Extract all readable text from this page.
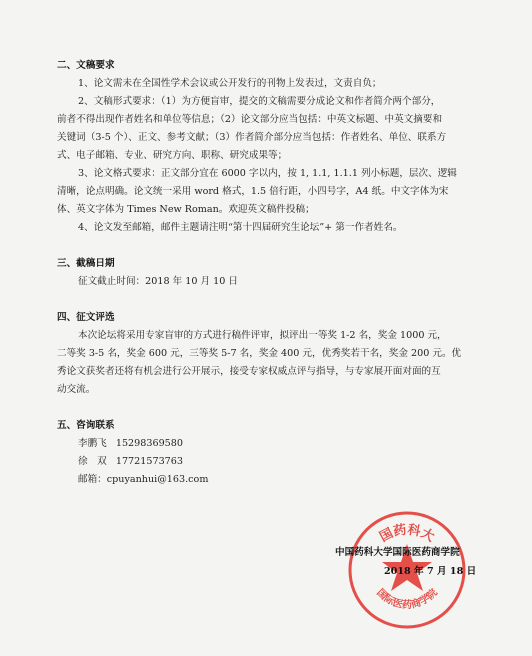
二、文稿要求
1、论文需未在全国性学术会议或公开发行的刊物上发表过，文责自负；
2、文稿形式要求：（1）为方便盲审，提交的文稿需要分成论文和作者简介两个部分，
前者不得出现作者姓名和单位等信息；（2）论文部分应当包括：中英文标题、中英文摘要和
关键词（3-5 个）、正文、参考文献；（3）作者简介部分应当包括：作者姓名、单位、联系方
式、电子邮箱、专业、研究方向、职称、研究成果等；
3、论文格式要求：正文部分宜在 6000 字以内，按 1, 1.1, 1.1.1 列小标题，层次、逻辑
清晰，论点明确。论文统一采用 word 格式，1.5 倍行距，小四号字，A4 纸。中文字体为宋
体、英文字体为 Times New Roman。欢迎英文稿件投稿；
4、论文发至邮箱，邮件主题请注明“第十四届研究生论坛”+ 第一作者姓名。
三、截稿日期
征文截止时间：2018 年 10 月 10 日
四、征文评选
本次论坛将采用专家盲审的方式进行稿件评审，拟评出一等奖 1-2 名，奖金 1000 元，
二等奖 3-5 名，奖金 600 元，三等奖 5-7 名，奖金 400 元，优秀奖若干名，奖金 200 元。优
秀论文获奖者还将有机会进行公开展示，接受专家权威点评与指导，与专家展开面对面的互
动交流。
五、咨询联系
李鹏飞 15298369580
徐　双 17721573763
邮箱：cpuyanhui@163.com
国药科大
国际医药商学院
中国药科大学国际医药商学院
2018 年 7 月 18 日
